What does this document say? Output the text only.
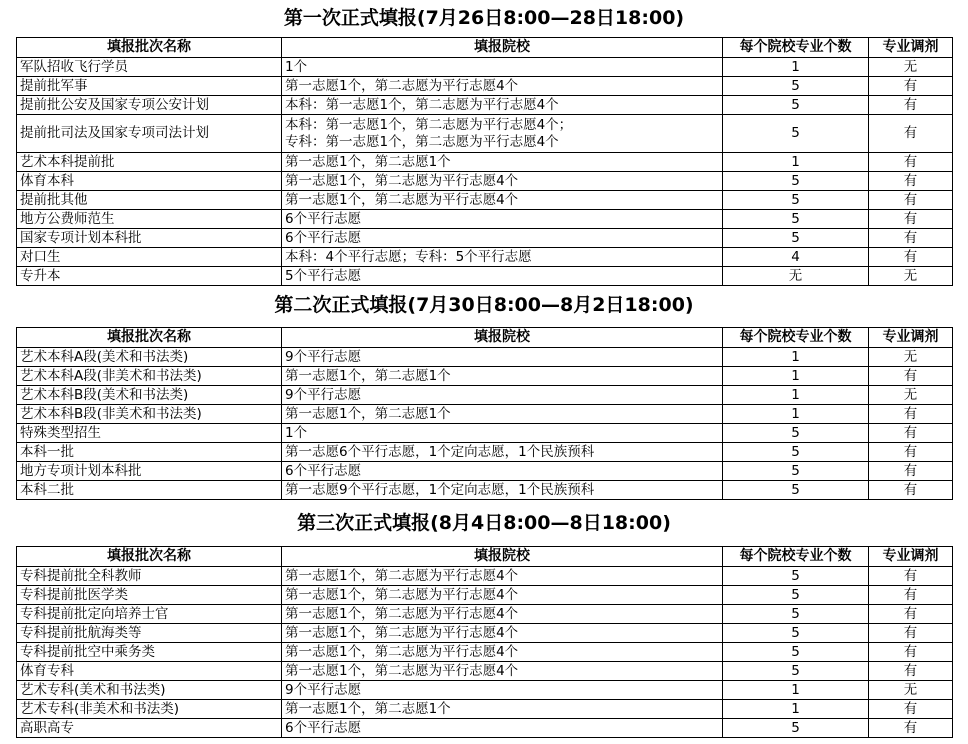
第一次正式填报(7月26日8:00—28日18:00)
填报批次名称	填报院校	每个院校专业个数	专业调剂
军队招收飞行学员	1个	1	无
提前批军事	第一志愿1个，第二志愿为平行志愿4个	5	有
提前批公安及国家专项公安计划	本科：第一志愿1个，第二志愿为平行志愿4个	5	有
提前批司法及国家专项司法计划	本科：第一志愿1个，第二志愿为平行志愿4个；
专科：第一志愿1个，第二志愿为平行志愿4个	5	有
艺术本科提前批	第一志愿1个，第二志愿1个	1	有
体育本科	第一志愿1个，第二志愿为平行志愿4个	5	有
提前批其他	第一志愿1个，第二志愿为平行志愿4个	5	有
地方公费师范生	6个平行志愿	5	有
国家专项计划本科批	6个平行志愿	5	有
对口生	本科：4个平行志愿；专科：5个平行志愿	4	有
专升本	5个平行志愿	无	无
第二次正式填报(7月30日8:00—8月2日18:00)
填报批次名称	填报院校	每个院校专业个数	专业调剂
艺术本科A段(美术和书法类)	9个平行志愿	1	无
艺术本科A段(非美术和书法类)	第一志愿1个，第二志愿1个	1	有
艺术本科B段(美术和书法类)	9个平行志愿	1	无
艺术本科B段(非美术和书法类)	第一志愿1个，第二志愿1个	1	有
特殊类型招生	1个	5	有
本科一批	第一志愿6个平行志愿，1个定向志愿，1个民族预科	5	有
地方专项计划本科批	6个平行志愿	5	有
本科二批	第一志愿9个平行志愿，1个定向志愿，1个民族预科	5	有
第三次正式填报(8月4日8:00—8日18:00)
填报批次名称	填报院校	每个院校专业个数	专业调剂
专科提前批全科教师	第一志愿1个，第二志愿为平行志愿4个	5	有
专科提前批医学类	第一志愿1个，第二志愿为平行志愿4个	5	有
专科提前批定向培养士官	第一志愿1个，第二志愿为平行志愿4个	5	有
专科提前批航海类等	第一志愿1个，第二志愿为平行志愿4个	5	有
专科提前批空中乘务类	第一志愿1个，第二志愿为平行志愿4个	5	有
体育专科	第一志愿1个，第二志愿为平行志愿4个	5	有
艺术专科(美术和书法类)	9个平行志愿	1	无
艺术专科(非美术和书法类)	第一志愿1个，第二志愿1个	1	有
高职高专	6个平行志愿	5	有
